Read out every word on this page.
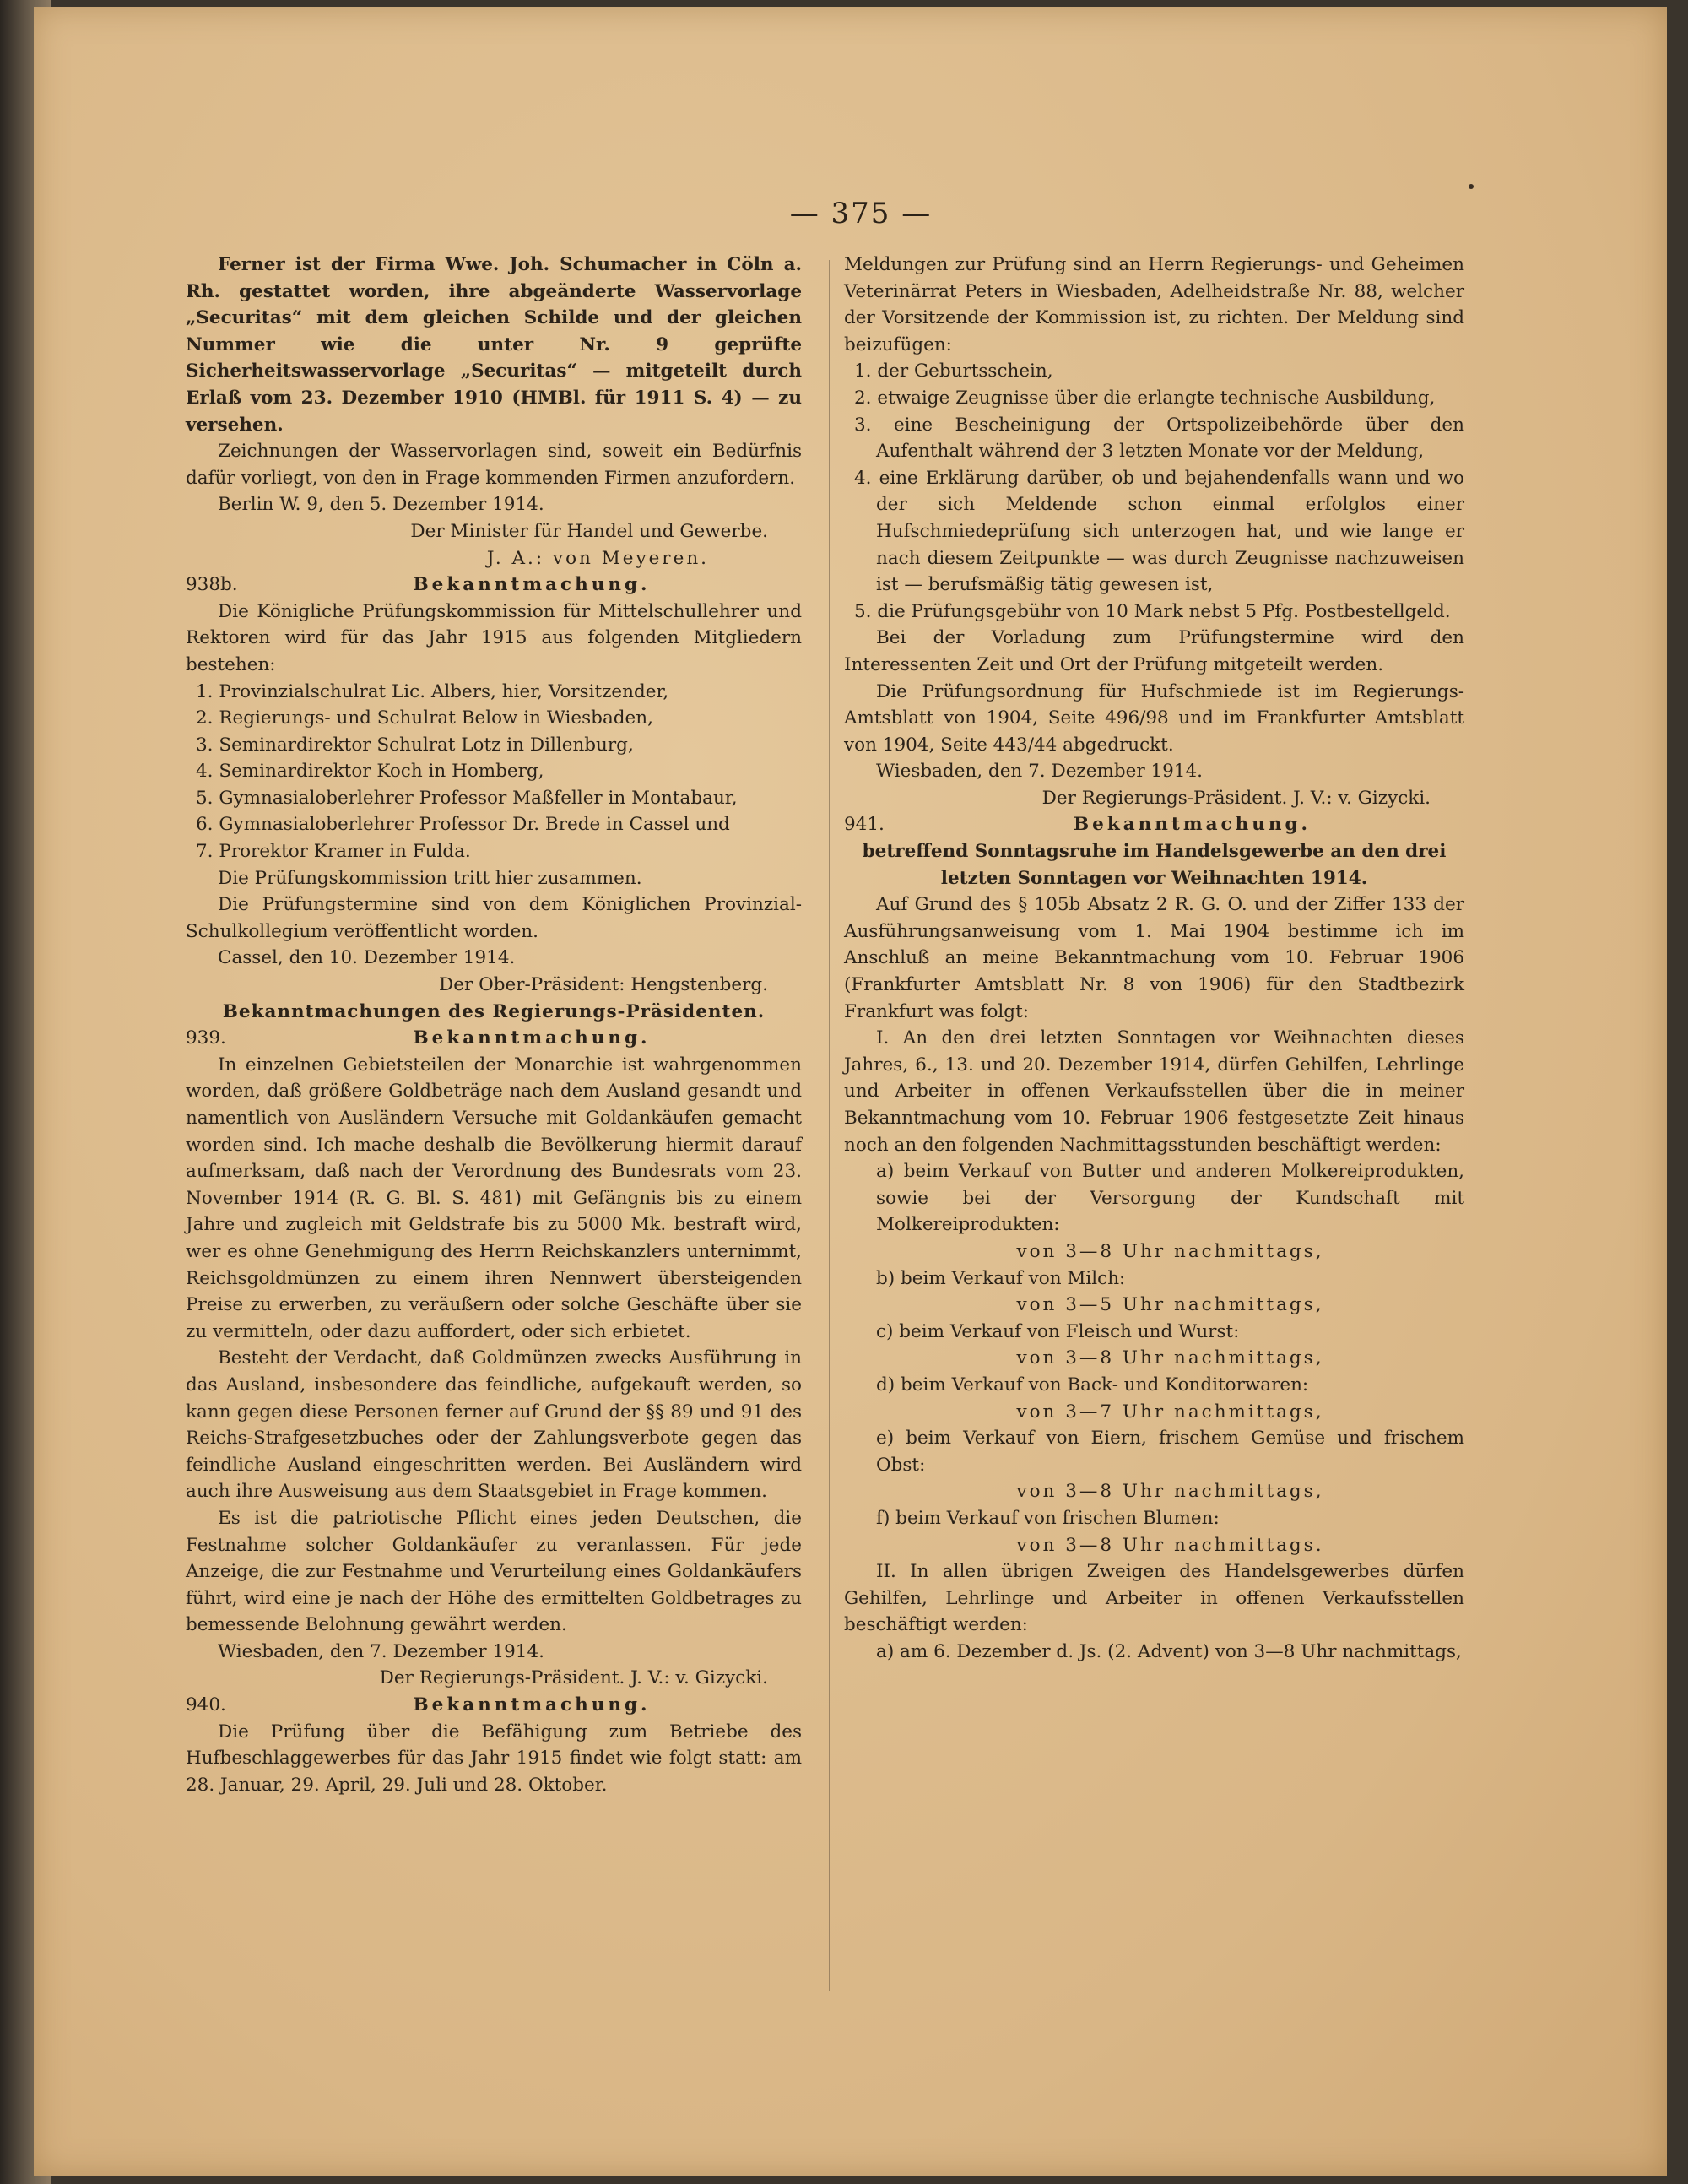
— 375 —

Ferner ist der Firma Wwe. Joh. Schumacher in Cöln a. Rh. gestattet worden, ihre abgeänderte Wasservorlage „Securitas“ mit dem gleichen Schilde und der gleichen Nummer wie die unter Nr. 9 geprüfte Sicherheitswasservorlage „Securitas“ — mitgeteilt durch Erlaß vom 23. Dezember 1910 (HMBl. für 1911 S. 4) — zu versehen.

Zeichnungen der Wasservorlagen sind, soweit ein Bedürfnis dafür vorliegt, von den in Frage kommenden Firmen anzufordern.

Berlin W. 9, den 5. Dezember 1914.

Der Minister für Handel und Gewerbe.

J. A.: von Meyeren.

938b.	Bekanntmachung.

Die Königliche Prüfungskommission für Mittelschullehrer und Rektoren wird für das Jahr 1915 aus folgenden Mitgliedern bestehen:

1. Provinzialschulrat Lic. Albers, hier, Vorsitzender,

2. Regierungs- und Schulrat Below in Wiesbaden,

3. Seminardirektor Schulrat Lotz in Dillenburg,

4. Seminardirektor Koch in Homberg,

5. Gymnasialoberlehrer Professor Maßfeller in Montabaur,

6. Gymnasialoberlehrer Professor Dr. Brede in Cassel und

7. Prorektor Kramer in Fulda.

Die Prüfungskommission tritt hier zusammen.

Die Prüfungstermine sind von dem Königlichen Provinzial-Schulkollegium veröffentlicht worden.

Cassel, den 10. Dezember 1914.

Der Ober-Präsident: Hengstenberg.

Bekanntmachungen des Regierungs-Präsidenten.

939.	Bekanntmachung.

In einzelnen Gebietsteilen der Monarchie ist wahrgenommen worden, daß größere Goldbeträge nach dem Ausland gesandt und namentlich von Ausländern Versuche mit Goldankäufen gemacht worden sind. Ich mache deshalb die Bevölkerung hiermit darauf aufmerksam, daß nach der Verordnung des Bundesrats vom 23. November 1914 (R. G. Bl. S. 481) mit Gefängnis bis zu einem Jahre und zugleich mit Geldstrafe bis zu 5000 Mk. bestraft wird, wer es ohne Genehmigung des Herrn Reichskanzlers unternimmt, Reichsgoldmünzen zu einem ihren Nennwert übersteigenden Preise zu erwerben, zu veräußern oder solche Geschäfte über sie zu vermitteln, oder dazu auffordert, oder sich erbietet.

Besteht der Verdacht, daß Goldmünzen zwecks Ausführung in das Ausland, insbesondere das feindliche, aufgekauft werden, so kann gegen diese Personen ferner auf Grund der §§ 89 und 91 des Reichs-Strafgesetzbuches oder der Zahlungsverbote gegen das feindliche Ausland eingeschritten werden. Bei Ausländern wird auch ihre Ausweisung aus dem Staatsgebiet in Frage kommen.

Es ist die patriotische Pflicht eines jeden Deutschen, die Festnahme solcher Goldankäufer zu veranlassen. Für jede Anzeige, die zur Festnahme und Verurteilung eines Goldankäufers führt, wird eine je nach der Höhe des ermittelten Goldbetrages zu bemessende Belohnung gewährt werden.

Wiesbaden, den 7. Dezember 1914.

Der Regierungs-Präsident. J. V.: v. Gizycki.

940.	Bekanntmachung.

Die Prüfung über die Befähigung zum Betriebe des Hufbeschlaggewerbes für das Jahr 1915 findet wie folgt statt: am 28. Januar, 29. April, 29. Juli und 28. Oktober.

Meldungen zur Prüfung sind an Herrn Regierungs- und Geheimen Veterinärrat Peters in Wiesbaden, Adelheidstraße Nr. 88, welcher der Vorsitzende der Kommission ist, zu richten. Der Meldung sind beizufügen:

1. der Geburtsschein,

2. etwaige Zeugnisse über die erlangte technische Ausbildung,

3. eine Bescheinigung der Ortspolizeibehörde über den Aufenthalt während der 3 letzten Monate vor der Meldung,

4. eine Erklärung darüber, ob und bejahendenfalls wann und wo der sich Meldende schon einmal erfolglos einer Hufschmiedeprüfung sich unterzogen hat, und wie lange er nach diesem Zeitpunkte — was durch Zeugnisse nachzuweisen ist — berufsmäßig tätig gewesen ist,

5. die Prüfungsgebühr von 10 Mark nebst 5 Pfg. Postbestellgeld.

Bei der Vorladung zum Prüfungstermine wird den Interessenten Zeit und Ort der Prüfung mitgeteilt werden.

Die Prüfungsordnung für Hufschmiede ist im Regierungs-Amtsblatt von 1904, Seite 496/98 und im Frankfurter Amtsblatt von 1904, Seite 443/44 abgedruckt.

Wiesbaden, den 7. Dezember 1914.

Der Regierungs-Präsident. J. V.: v. Gizycki.

941.	Bekanntmachung.

betreffend Sonntagsruhe im Handelsgewerbe an den drei

letzten Sonntagen vor Weihnachten 1914.

Auf Grund des § 105b Absatz 2 R. G. O. und der Ziffer 133 der Ausführungsanweisung vom 1. Mai 1904 bestimme ich im Anschluß an meine Bekanntmachung vom 10. Februar 1906 (Frankfurter Amtsblatt Nr. 8 von 1906) für den Stadtbezirk Frankfurt was folgt:

I. An den drei letzten Sonntagen vor Weihnachten dieses Jahres, 6., 13. und 20. Dezember 1914, dürfen Gehilfen, Lehrlinge und Arbeiter in offenen Verkaufsstellen über die in meiner Bekanntmachung vom 10. Februar 1906 festgesetzte Zeit hinaus noch an den folgenden Nachmittagsstunden beschäftigt werden:

a) beim Verkauf von Butter und anderen Molkereiprodukten, sowie bei der Versorgung der Kundschaft mit Molkereiprodukten:

von 3—8 Uhr nachmittags,

b) beim Verkauf von Milch:

von 3—5 Uhr nachmittags,

c) beim Verkauf von Fleisch und Wurst:

von 3—8 Uhr nachmittags,

d) beim Verkauf von Back- und Konditorwaren:

von 3—7 Uhr nachmittags,

e) beim Verkauf von Eiern, frischem Gemüse und frischem Obst:

von 3—8 Uhr nachmittags,

f) beim Verkauf von frischen Blumen:

von 3—8 Uhr nachmittags.

II. In allen übrigen Zweigen des Handelsgewerbes dürfen Gehilfen, Lehrlinge und Arbeiter in offenen Verkaufsstellen beschäftigt werden:

a) am 6. Dezember d. Js. (2. Advent) von 3—8 Uhr nachmittags,
